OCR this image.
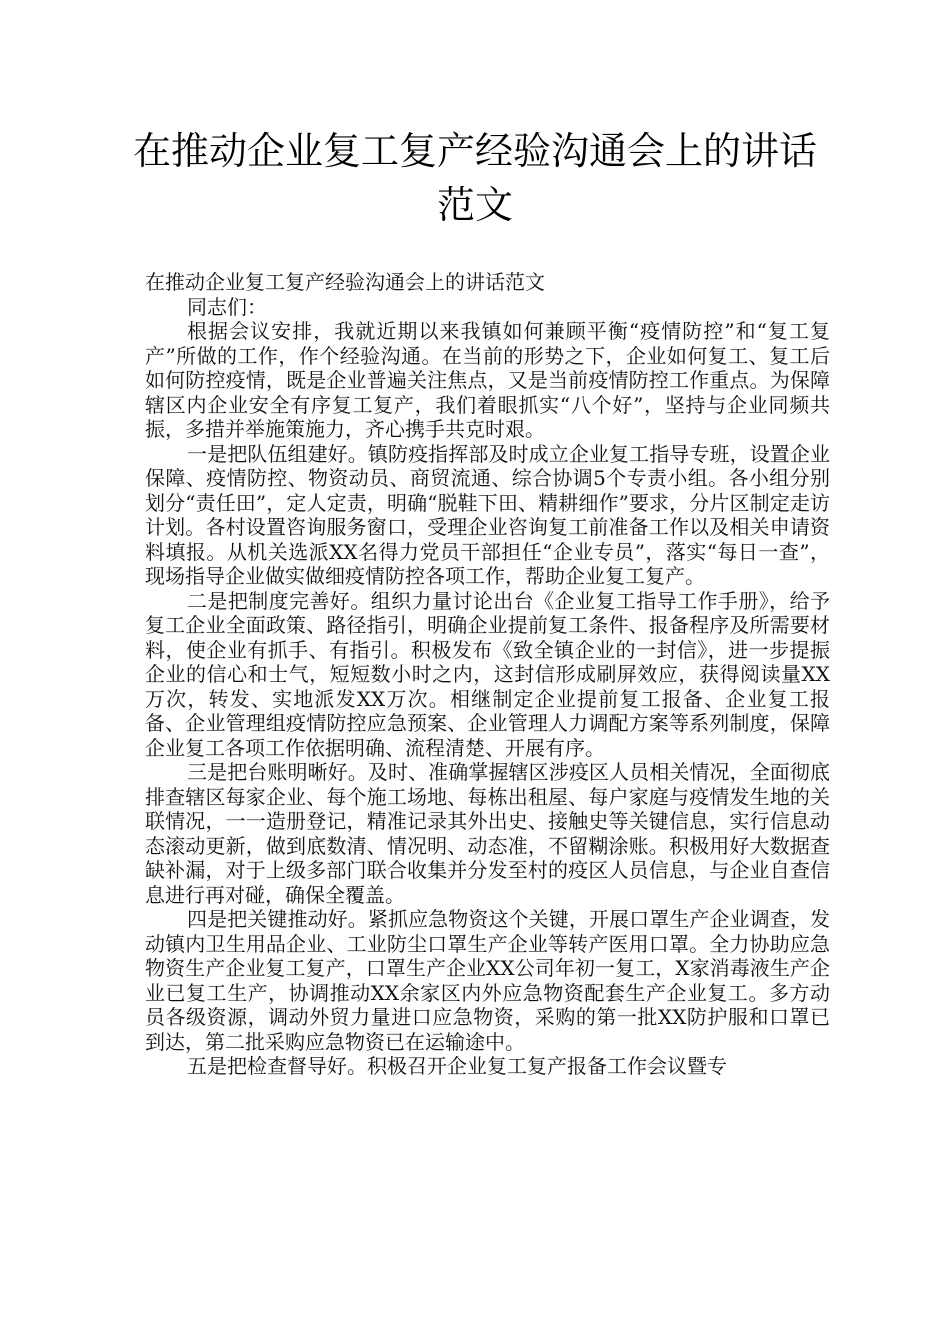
在推动企业复工复产经验沟通会上的讲话范文

在推动企业复工复产经验沟通会上的讲话范文

同志们：

根据会议安排，我就近期以来我镇如何兼顾平衡“疫情防控”和“复工复产”所做的工作，作个经验沟通。在当前的形势之下，企业如何复工、复工后如何防控疫情，既是企业普遍关注焦点，又是当前疫情防控工作重点。为保障辖区内企业安全有序复工复产，我们着眼抓实“八个好”，坚持与企业同频共振，多措并举施策施力，齐心携手共克时艰。

一是把队伍组建好。镇防疫指挥部及时成立企业复工指导专班，设置企业保障、疫情防控、物资动员、商贸流通、综合协调5个专责小组。各小组分别划分“责任田”，定人定责，明确“脱鞋下田、精耕细作”要求，分片区制定走访计划。各村设置咨询服务窗口，受理企业咨询复工前准备工作以及相关申请资料填报。从机关选派XX名得力党员干部担任“企业专员”，落实“每日一查”，现场指导企业做实做细疫情防控各项工作，帮助企业复工复产。

二是把制度完善好。组织力量讨论出台《企业复工指导工作手册》，给予复工企业全面政策、路径指引，明确企业提前复工条件、报备程序及所需要材料，使企业有抓手、有指引。积极发布《致全镇企业的一封信》，进一步提振企业的信心和士气，短短数小时之内，这封信形成刷屏效应，获得阅读量XX万次，转发、实地派发XX万次。相继制定企业提前复工报备、企业复工报备、企业管理组疫情防控应急预案、企业管理人力调配方案等系列制度，保障企业复工各项工作依据明确、流程清楚、开展有序。

三是把台账明晰好。及时、准确掌握辖区涉疫区人员相关情况，全面彻底排查辖区每家企业、每个施工场地、每栋出租屋、每户家庭与疫情发生地的关联情况，一一造册登记，精准记录其外出史、接触史等关键信息，实行信息动态滚动更新，做到底数清、情况明、动态准，不留糊涂账。积极用好大数据查缺补漏，对于上级多部门联合收集并分发至村的疫区人员信息，与企业自查信息进行再对碰，确保全覆盖。

四是把关键推动好。紧抓应急物资这个关键，开展口罩生产企业调查，发动镇内卫生用品企业、工业防尘口罩生产企业等转产医用口罩。全力协助应急物资生产企业复工复产，口罩生产企业XX公司年初一复工，X家消毒液生产企业已复工生产，协调推动XX余家区内外应急物资配套生产企业复工。多方动员各级资源，调动外贸力量进口应急物资，采购的第一批XX防护服和口罩已到达，第二批采购应急物资已在运输途中。

五是把检查督导好。积极召开企业复工复产报备工作会议暨专
